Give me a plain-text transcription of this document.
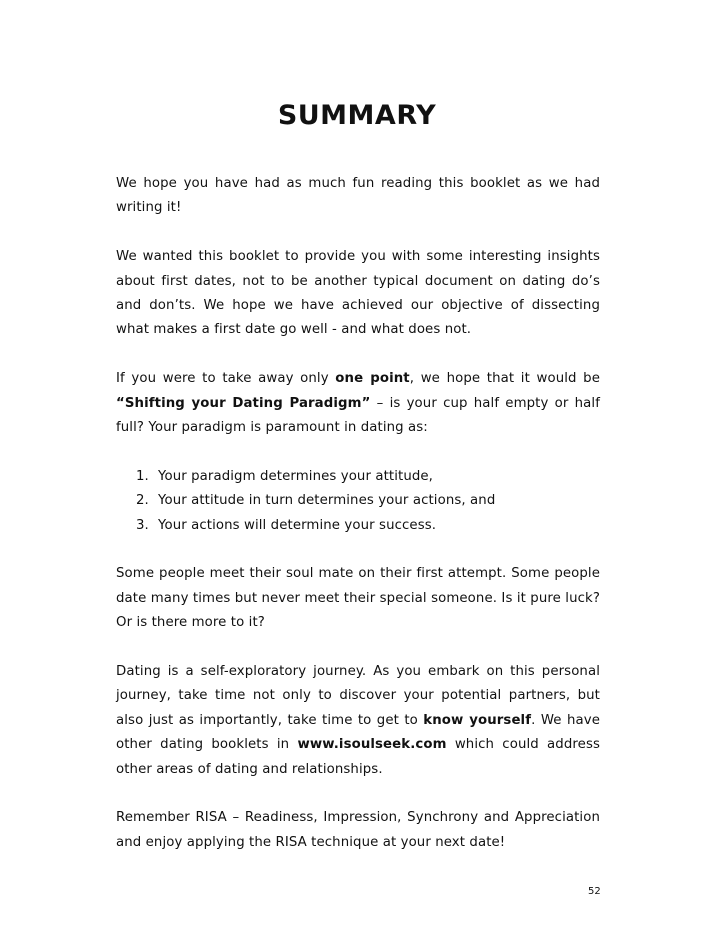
SUMMARY

We hope you have had as much fun reading this booklet as we had writing it!

We wanted this booklet to provide you with some interesting insights about first dates, not to be another typical document on dating do’s and don’ts. We hope we have achieved our objective of dissecting what makes a first date go well - and what does not.

If you were to take away only one point, we hope that it would be “Shifting your Dating Paradigm” – is your cup half empty or half full? Your paradigm is paramount in dating as:

1. Your paradigm determines your attitude,
2. Your attitude in turn determines your actions, and
3. Your actions will determine your success.

Some people meet their soul mate on their first attempt. Some people date many times but never meet their special someone. Is it pure luck? Or is there more to it?

Dating is a self-exploratory journey. As you embark on this personal journey, take time not only to discover your potential partners, but also just as importantly, take time to get to know yourself. We have other dating booklets in www.isoulseek.com which could address other areas of dating and relationships.

Remember RISA – Readiness, Impression, Synchrony and Appreciation and enjoy applying the RISA technique at your next date!

52
